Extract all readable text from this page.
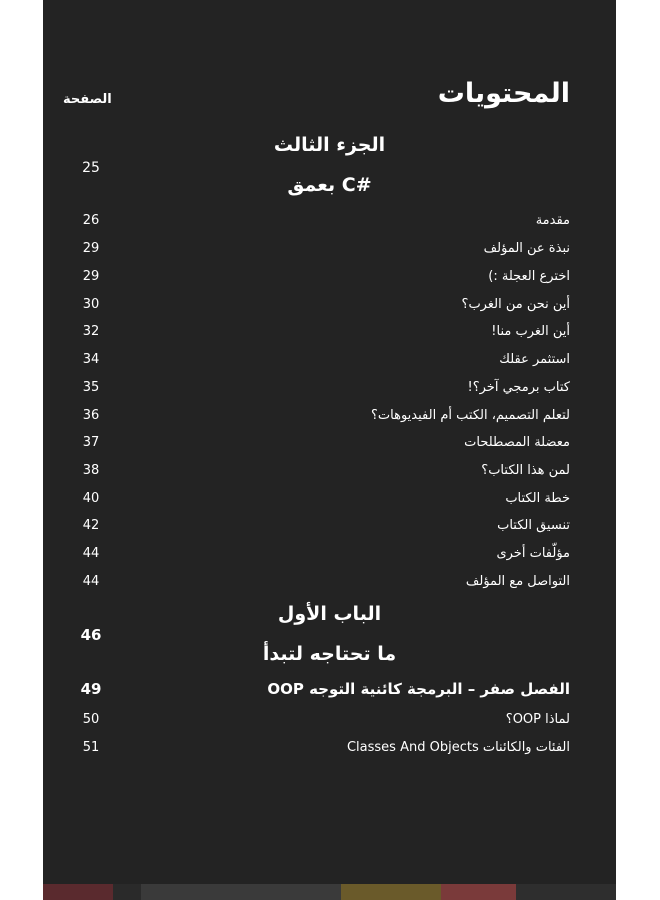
المحتويات
الصفحة
الجزء الثالث
#C بعمق
25
مقدمة
26
نبذة عن المؤلف
29
اخترع العجلة :)
29
أين نحن من الغرب؟
30
أين الغرب منا!
32
استثمر عقلك
34
كتاب برمجي آخر؟!
35
لتعلم التصميم، الكتب أم الفيديوهات؟
36
معضلة المصطلحات
37
لمن هذا الكتاب؟
38
خطة الكتاب
40
تنسيق الكتاب
42
مؤلّفات أخرى
44
التواصل مع المؤلف
44
الباب الأول
ما تحتاجه لتبدأ
46
الفصل صفر – البرمجة كائنية التوجه OOP
49
لماذا OOP؟
50
الفئات والكائنات Classes And Objects
51
